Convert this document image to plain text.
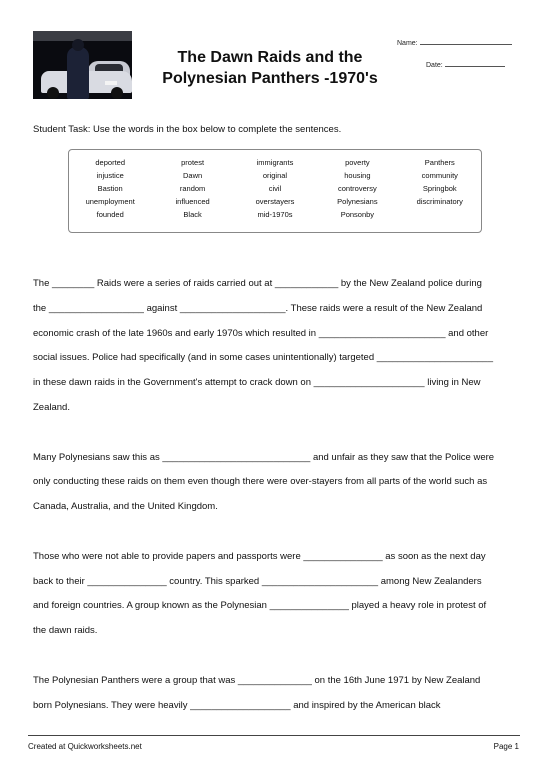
The Dawn Raids and the
Polynesian Panthers -1970's
Name:
Date:
Student Task: Use the words in the box below to complete the sentences.
deported	protest	immigrants	poverty	Panthers
injustice	Dawn	original	housing	community
Bastion	random	civil	controversy	Springbok
unemployment	influenced	overstayers	Polynesians	discriminatory
founded	Black	mid-1970s	Ponsonby

The ________ Raids were a series of raids carried out at ____________ by the New Zealand police during
the __________________ against ____________________. These raids were a result of the New Zealand
economic crash of the late 1960s and early 1970s which resulted in ________________________ and other
social issues. Police had specifically (and in some cases unintentionally) targeted ______________________
in these dawn raids in the Government's attempt to crack down on _____________________ living in New
Zealand.

Many Polynesians saw this as ____________________________ and unfair as they saw that the Police were
only conducting these raids on them even though there were over-stayers from all parts of the world such as
Canada, Australia, and the United Kingdom.

Those who were not able to provide papers and passports were _______________ as soon as the next day
back to their _______________ country. This sparked ______________________ among New Zealanders
and foreign countries. A group known as the Polynesian _______________ played a heavy role in protest of
the dawn raids.

The Polynesian Panthers were a group that was ______________ on the 16th June 1971 by New Zealand
born Polynesians. They were heavily ___________________ and inspired by the American black

Created at Quickworksheets.net	Page 1
